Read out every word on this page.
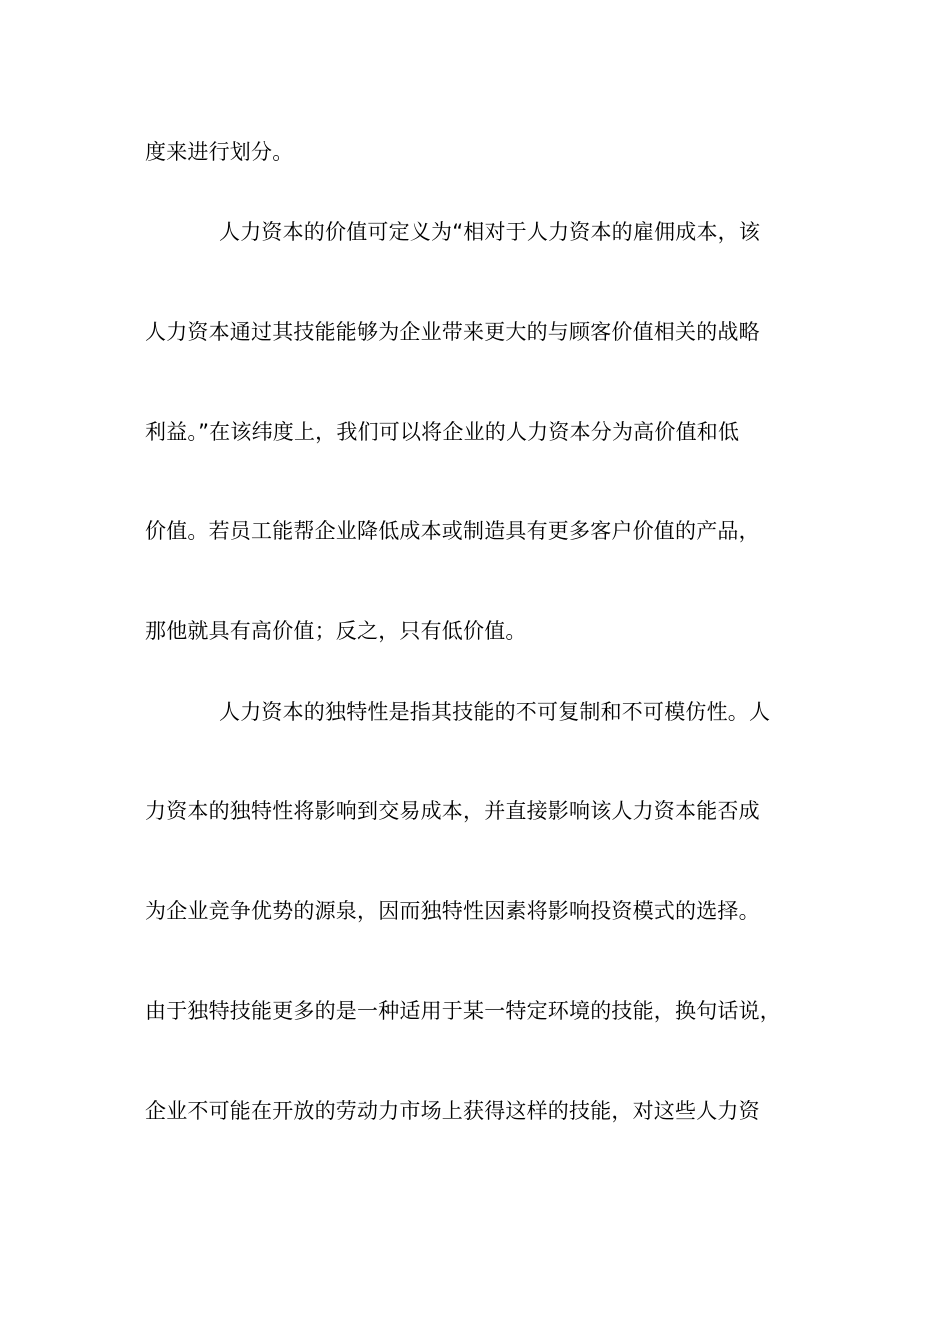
度来进行划分。
人力资本的价值可定义为“相对于人力资本的雇佣成本，该
人力资本通过其技能能够为企业带来更大的与顾客价值相关的战略
利益。”在该纬度上，我们可以将企业的人力资本分为高价值和低
价值。若员工能帮企业降低成本或制造具有更多客户价值的产品，
那他就具有高价值；反之，只有低价值。
人力资本的独特性是指其技能的不可复制和不可模仿性。人
力资本的独特性将影响到交易成本，并直接影响该人力资本能否成
为企业竞争优势的源泉，因而独特性因素将影响投资模式的选择。
由于独特技能更多的是一种适用于某一特定环境的技能，换句话说，
企业不可能在开放的劳动力市场上获得这样的技能，对这些人力资
